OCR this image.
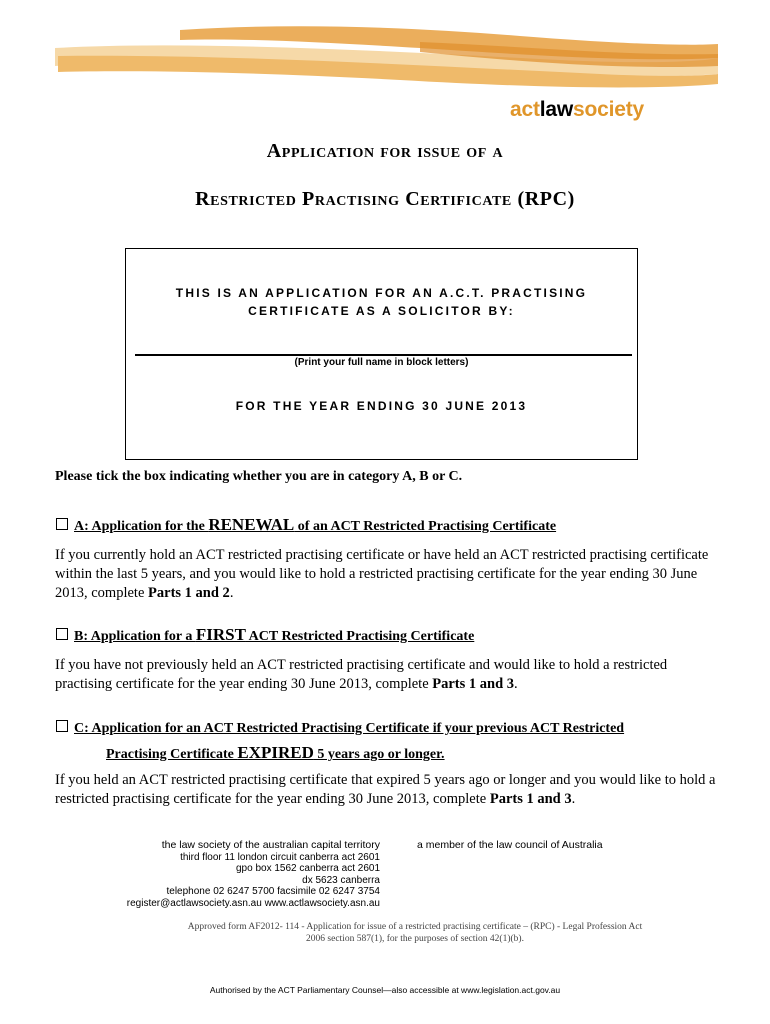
actlawsociety
Application for issue of a
Restricted Practising Certificate (RPC)
THIS IS AN APPLICATION FOR AN A.C.T. PRACTISING
CERTIFICATE AS A SOLICITOR BY:
(Print your full name in block letters)
FOR THE YEAR ENDING 30 JUNE 2013
Please tick the box indicating whether you are in category A, B or C.
A: Application for the RENEWAL of an ACT Restricted Practising Certificate
If you currently hold an ACT restricted practising certificate or have held an ACT restricted practising certificate within the last 5 years, and you would like to hold a restricted practising certificate for the year ending 30 June 2013, complete Parts 1 and 2.
B: Application for a FIRST ACT Restricted Practising Certificate
If you have not previously held an ACT restricted practising certificate and would like to hold a restricted practising certificate for the year ending 30 June 2013, complete Parts 1 and 3.
C: Application for an ACT Restricted Practising Certificate if your previous ACT Restricted
Practising Certificate EXPIRED 5 years ago or longer.
If you held an ACT restricted practising certificate that expired 5 years ago or longer and you would like to hold a restricted practising certificate for the year ending 30 June 2013, complete Parts 1 and 3.
the law society of the australian capital territory
third floor 11 london circuit canberra act 2601
gpo box 1562 canberra act 2601
dx 5623 canberra
telephone 02 6247 5700 facsimile 02 6247 3754
register@actlawsociety.asn.au www.actlawsociety.asn.au
a member of the law council of Australia
Approved form AF2012- 114 - Application for issue of a restricted practising certificate – (RPC) - Legal Profession Act 2006 section 587(1), for the purposes of section 42(1)(b).
Authorised by the ACT Parliamentary Counsel—also accessible at www.legislation.act.gov.au
